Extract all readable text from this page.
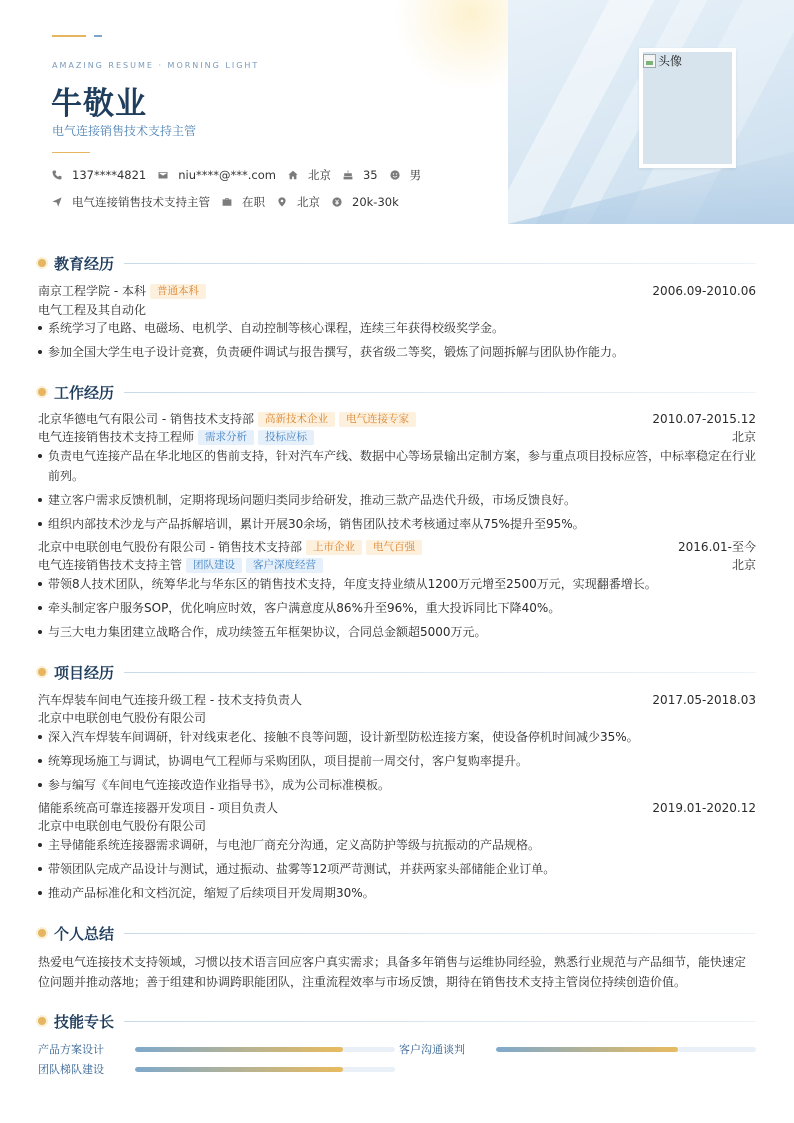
AMAZING RESUME · MORNING LIGHT
牛敬业
电气连接销售技术支持主管
137****4821	niu****@***.com	北京	35	男
电气连接销售技术支持主管	在职	北京	20k-30k
头像
教育经历
南京工程学院 - 本科	普通本科	2006.09-2010.06
电气工程及其自动化
系统学习了电路、电磁场、电机学、自动控制等核心课程，连续三年获得校级奖学金。
参加全国大学生电子设计竞赛，负责硬件调试与报告撰写，获省级二等奖，锻炼了问题拆解与团队协作能力。
工作经历
北京华德电气有限公司 - 销售技术支持部	高新技术企业	电气连接专家	2010.07-2015.12
电气连接销售技术支持工程师	需求分析	投标应标	北京
负责电气连接产品在华北地区的售前支持，针对汽车产线、数据中心等场景输出定制方案，参与重点项目投标应答，中标率稳定在行业前列。
建立客户需求反馈机制，定期将现场问题归类同步给研发，推动三款产品迭代升级，市场反馈良好。
组织内部技术沙龙与产品拆解培训，累计开展30余场，销售团队技术考核通过率从75%提升至95%。
北京中电联创电气股份有限公司 - 销售技术支持部	上市企业	电气百强	2016.01-至今
电气连接销售技术支持主管	团队建设	客户深度经营	北京
带领8人技术团队，统筹华北与华东区的销售技术支持，年度支持业绩从1200万元增至2500万元，实现翻番增长。
牵头制定客户服务SOP，优化响应时效，客户满意度从86%升至96%，重大投诉同比下降40%。
与三大电力集团建立战略合作，成功续签五年框架协议，合同总金额超5000万元。
项目经历
汽车焊装车间电气连接升级工程 - 技术支持负责人	2017.05-2018.03
北京中电联创电气股份有限公司
深入汽车焊装车间调研，针对线束老化、接触不良等问题，设计新型防松连接方案，使设备停机时间减少35%。
统筹现场施工与调试，协调电气工程师与采购团队，项目提前一周交付，客户复购率提升。
参与编写《车间电气连接改造作业指导书》，成为公司标准模板。
储能系统高可靠连接器开发项目 - 项目负责人	2019.01-2020.12
北京中电联创电气股份有限公司
主导储能系统连接器需求调研，与电池厂商充分沟通，定义高防护等级与抗振动的产品规格。
带领团队完成产品设计与测试，通过振动、盐雾等12项严苛测试，并获两家头部储能企业订单。
推动产品标准化和文档沉淀，缩短了后续项目开发周期30%。
个人总结
热爱电气连接技术支持领域，习惯以技术语言回应客户真实需求；具备多年销售与运维协同经验，熟悉行业规范与产品细节，能快速定位问题并推动落地；善于组建和协调跨职能团队，注重流程效率与市场反馈，期待在销售技术支持主管岗位持续创造价值。
技能专长
产品方案设计	客户沟通谈判
团队梯队建设
